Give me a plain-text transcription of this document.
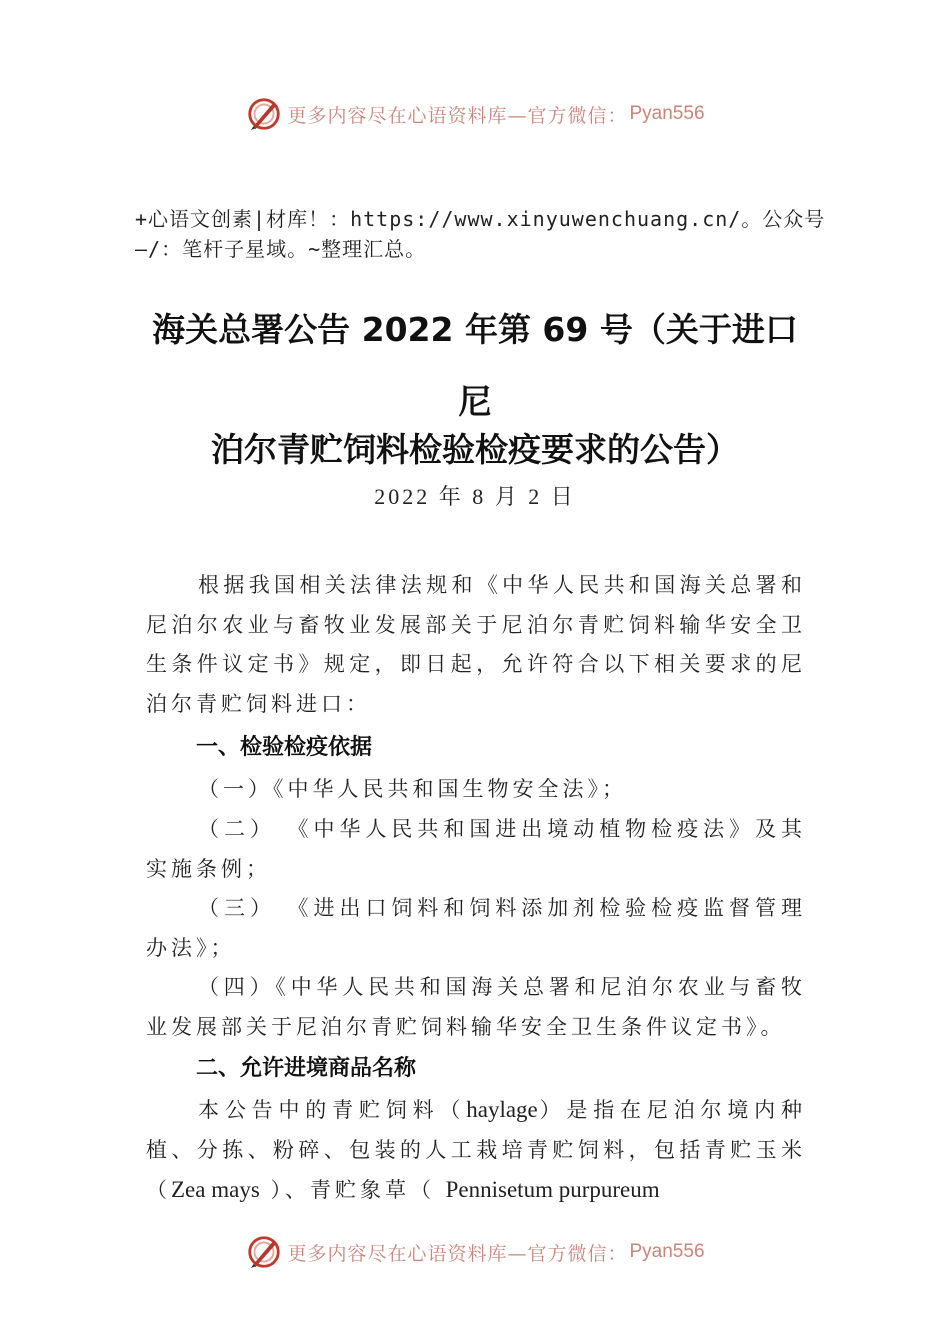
更多内容尽在心语资料库—官方微信： Pyan556
+心语文创素|材库！：https://www.xinyuwenchuang.cn/。公众号—/：笔杆子星域。~整理汇总。
海关总署公告 2022 年第 69 号（关于进口
尼
泊尔青贮饲料检验检疫要求的公告）
2022 年 8 月 2 日

根据我国相关法律法规和《中华人民共和国海关总署和尼泊尔农业与畜牧业发展部关于尼泊尔青贮饲料输华安全卫生条件议定书》规定，即日起，允许符合以下相关要求的尼泊尔青贮饲料进口：

一、检验检疫依据

（一）《中华人民共和国生物安全法》；

（二） 《中华人民共和国进出境动植物检疫法》及其实施条例；

（三） 《进出口饲料和饲料添加剂检验检疫监督管理办法》；

（四）《中华人民共和国海关总署和尼泊尔农业与畜牧业发展部关于尼泊尔青贮饲料输华安全卫生条件议定书》。

二、允许进境商品名称

本公告中的青贮饲料（haylage）是指在尼泊尔境内种植、分拣、粉碎、包装的人工栽培青贮饲料，包括青贮玉米（Zea mays ）、青贮象草（ Pennisetum purpureum

更多内容尽在心语资料库—官方微信： Pyan556
